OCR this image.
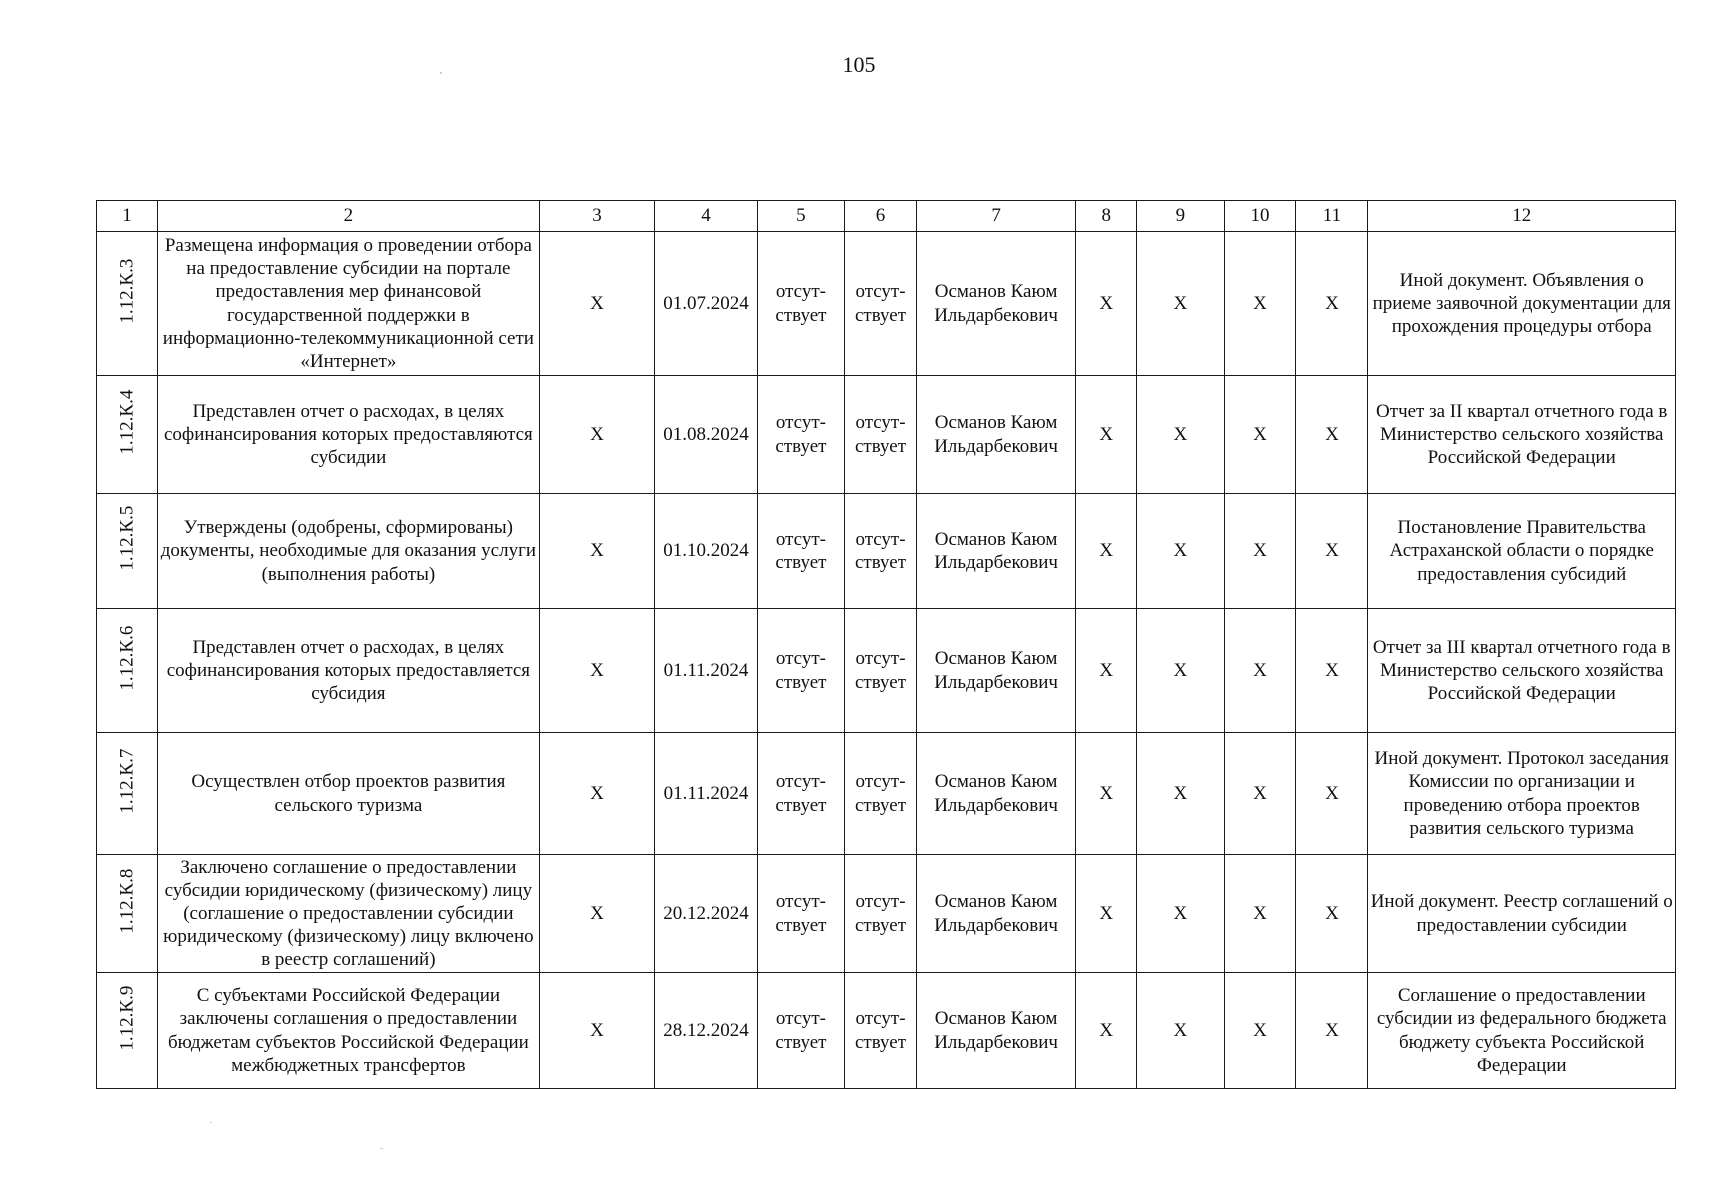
105
1	2	3	4	5	6	7	8	9	10	11	12

1.12.К.3	Размещена информация о проведении отбора на предоставление субсидии на портале предоставления мер финансовой государственной поддержки в информационно-телекоммуникационной сети «Интернет»	Х	01.07.2024	отсут-ствует	отсут-ствует	Османов Каюм Ильдарбекович	Х	Х	Х	Х	Иной документ. Объявления о приеме заявочной документации для прохождения процедуры отбора

1.12.К.4	Представлен отчет о расходах, в целях софинансирования которых предоставляются субсидии	Х	01.08.2024	отсут-ствует	отсут-ствует	Османов Каюм Ильдарбекович	Х	Х	Х	Х	Отчет за II квартал отчетного года в Министерство сельского хозяйства Российской Федерации

1.12.К.5	Утверждены (одобрены, сформированы) документы, необходимые для оказания услуги (выполнения работы)	Х	01.10.2024	отсут-ствует	отсут-ствует	Османов Каюм Ильдарбекович	Х	Х	Х	Х	Постановление Правительства Астраханской области о порядке предоставления субсидий

1.12.К.6	Представлен отчет о расходах, в целях софинансирования которых предоставляется субсидия	Х	01.11.2024	отсут-ствует	отсут-ствует	Османов Каюм Ильдарбекович	Х	Х	Х	Х	Отчет за III квартал отчетного года в Министерство сельского хозяйства Российской Федерации

1.12.К.7	Осуществлен отбор проектов развития сельского туризма	Х	01.11.2024	отсут-ствует	отсут-ствует	Османов Каюм Ильдарбекович	Х	Х	Х	Х	Иной документ. Протокол заседания Комиссии по организации и проведению отбора проектов развития сельского туризма

1.12.К.8	Заключено соглашение о предоставлении субсидии юридическому (физическому) лицу (соглашение о предоставлении субсидии юридическому (физическому) лицу включено в реестр соглашений)	Х	20.12.2024	отсут-ствует	отсут-ствует	Османов Каюм Ильдарбекович	Х	Х	Х	Х	Иной документ. Реестр соглашений о предоставлении субсидии

1.12.К.9	С субъектами Российской Федерации заключены соглашения о предоставлении бюджетам субъектов Российской Федерации межбюджетных трансфертов	Х	28.12.2024	отсут-ствует	отсут-ствует	Османов Каюм Ильдарбекович	Х	Х	Х	Х	Соглашение о предоставлении субсидии из федерального бюджета бюджету субъекта Российской Федерации
